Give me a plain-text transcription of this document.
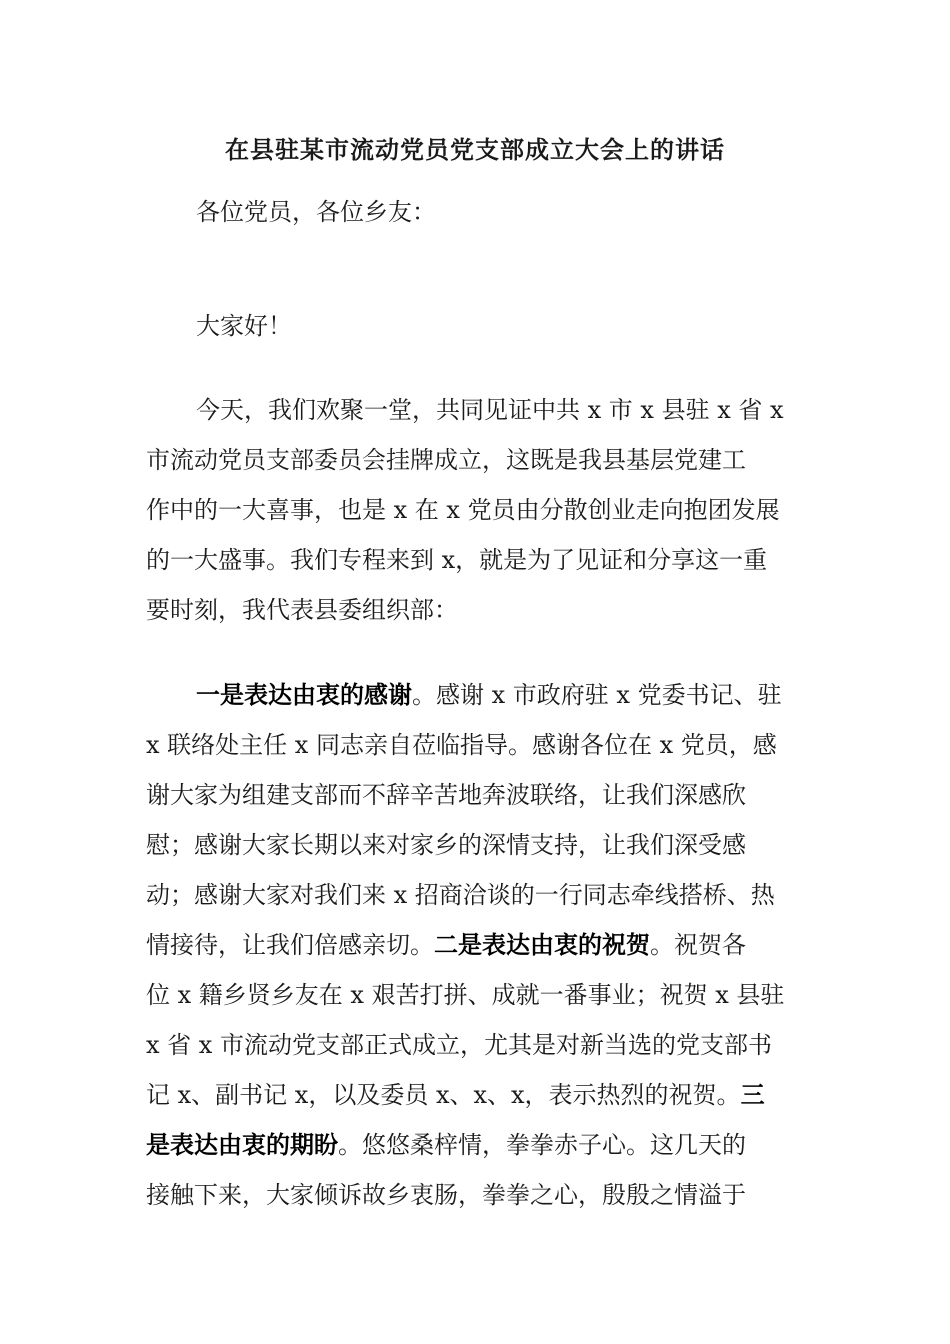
在县驻某市流动党员党支部成立大会上的讲话
各位党员，各位乡友：
大家好！
今天，我们欢聚一堂，共同见证中共 x 市 x 县驻 x 省 x
市流动党员支部委员会挂牌成立，这既是我县基层党建工
作中的一大喜事，也是 x 在 x 党员由分散创业走向抱团发展
的一大盛事。我们专程来到 x，就是为了见证和分享这一重
要时刻，我代表县委组织部：
一是表达由衷的感谢。感谢 x 市政府驻 x 党委书记、驻
x 联络处主任 x 同志亲自莅临指导。感谢各位在 x 党员，感
谢大家为组建支部而不辞辛苦地奔波联络，让我们深感欣
慰；感谢大家长期以来对家乡的深情支持，让我们深受感
动；感谢大家对我们来 x 招商洽谈的一行同志牵线搭桥、热
情接待，让我们倍感亲切。二是表达由衷的祝贺。祝贺各
位 x 籍乡贤乡友在 x 艰苦打拼、成就一番事业；祝贺 x 县驻
x 省 x 市流动党支部正式成立，尤其是对新当选的党支部书
记 x、副书记 x，以及委员 x、x、x，表示热烈的祝贺。三
是表达由衷的期盼。悠悠桑梓情，拳拳赤子心。这几天的
接触下来，大家倾诉故乡衷肠，拳拳之心，殷殷之情溢于
